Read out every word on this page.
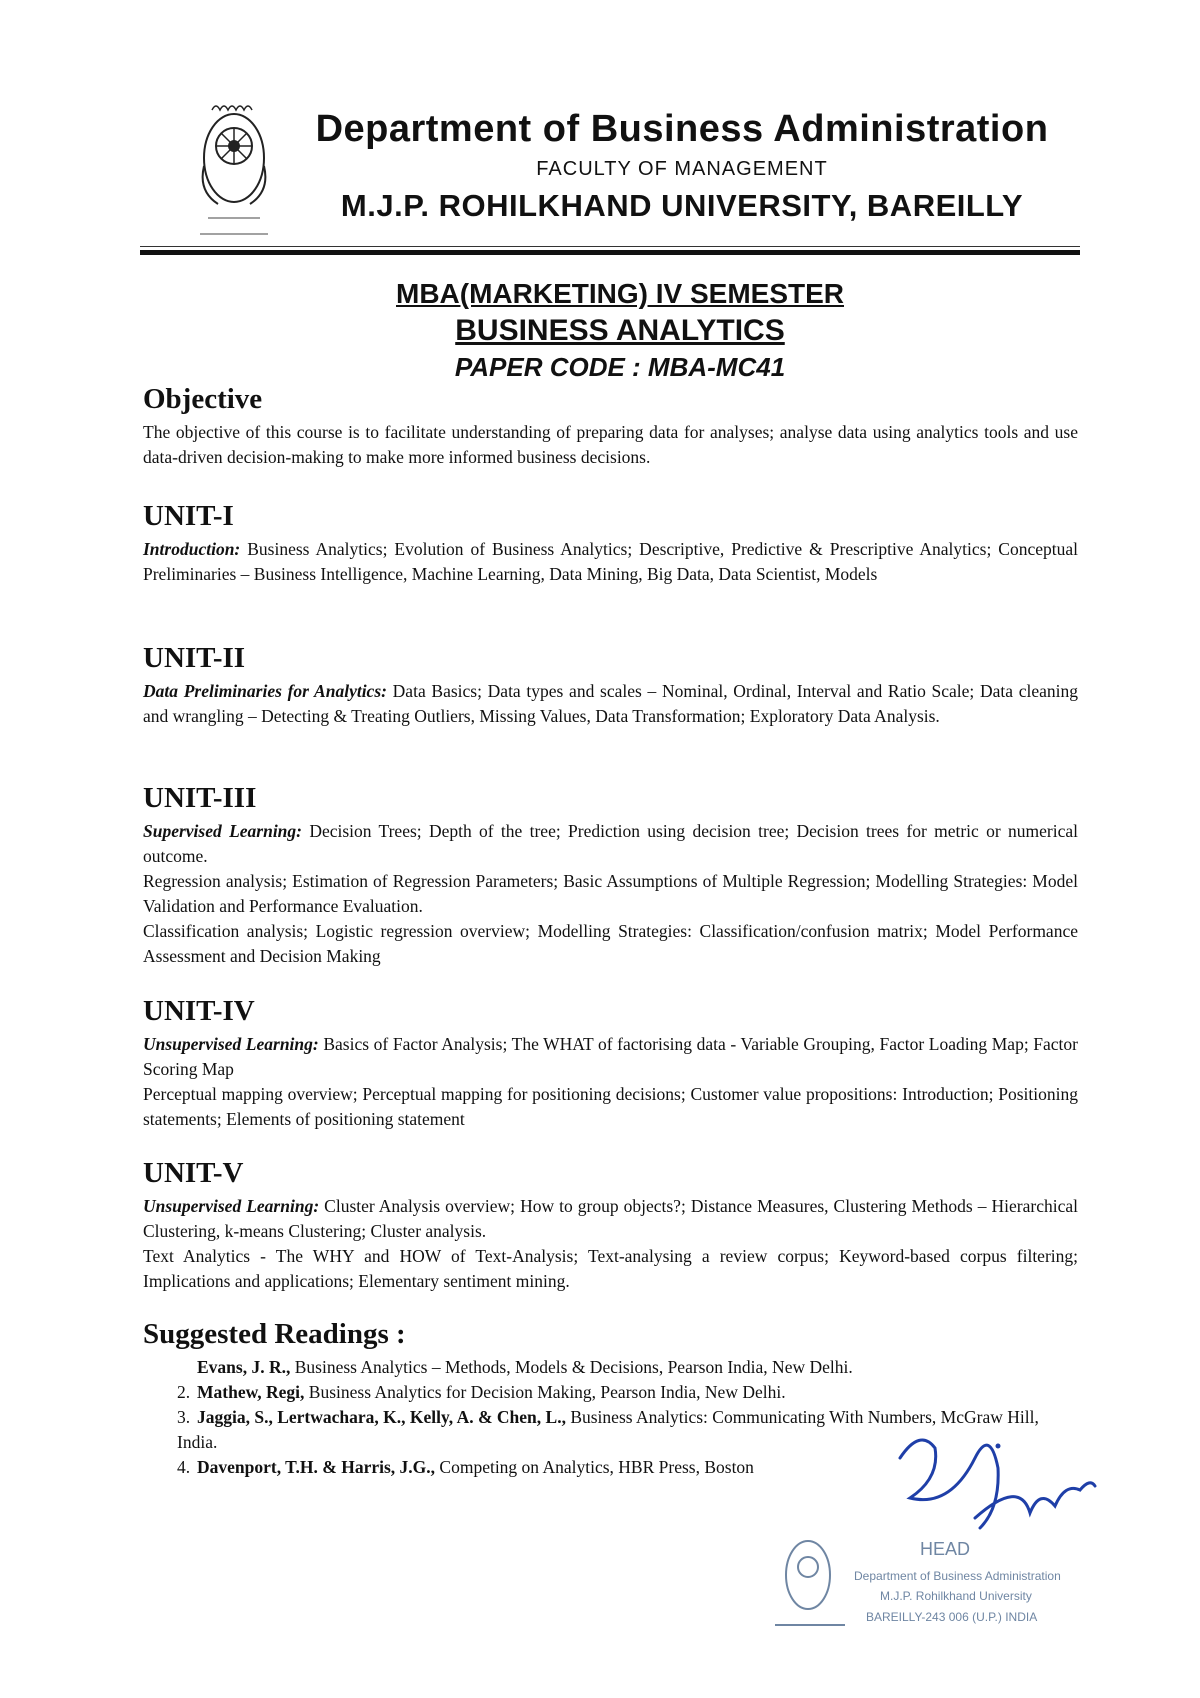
Department of Business Administration
FACULTY OF MANAGEMENT
M.J.P. ROHILKHAND UNIVERSITY, BAREILLY
MBA(MARKETING) IV SEMESTER
BUSINESS ANALYTICS
PAPER CODE : MBA-MC41
Objective

The objective of this course is to facilitate understanding of preparing data for analyses; analyse data using analytics tools and use data-driven decision-making to make more informed business decisions.

UNIT-I

Introduction: Business Analytics; Evolution of Business Analytics; Descriptive, Predictive & Prescriptive Analytics; Conceptual Preliminaries – Business Intelligence, Machine Learning, Data Mining, Big Data, Data Scientist, Models

UNIT-II

Data Preliminaries for Analytics: Data Basics; Data types and scales – Nominal, Ordinal, Interval and Ratio Scale; Data cleaning and wrangling – Detecting & Treating Outliers, Missing Values, Data Transformation; Exploratory Data Analysis.

UNIT-III

Supervised Learning: Decision Trees; Depth of the tree; Prediction using decision tree; Decision trees for metric or numerical outcome.

Regression analysis; Estimation of Regression Parameters; Basic Assumptions of Multiple Regression; Modelling Strategies: Model Validation and Performance Evaluation.

Classification analysis; Logistic regression overview; Modelling Strategies: Classification/confusion matrix; Model Performance Assessment and Decision Making

UNIT-IV

Unsupervised Learning: Basics of Factor Analysis; The WHAT of factorising data - Variable Grouping, Factor Loading Map; Factor Scoring Map

Perceptual mapping overview; Perceptual mapping for positioning decisions; Customer value propositions: Introduction; Positioning statements; Elements of positioning statement

UNIT-V

Unsupervised Learning: Cluster Analysis overview; How to group objects?; Distance Measures, Clustering Methods – Hierarchical Clustering, k-means Clustering; Cluster analysis.

Text Analytics - The WHY and HOW of Text-Analysis; Text-analysing a review corpus; Keyword-based corpus filtering; Implications and applications; Elementary sentiment mining.

Suggested Readings :
Evans, J. R., Business Analytics – Methods, Models & Decisions, Pearson India, New Delhi.
2. Mathew, Regi, Business Analytics for Decision Making, Pearson India, New Delhi.
3. Jaggia, S., Lertwachara, K., Kelly, A. & Chen, L., Business Analytics: Communicating With Numbers, McGraw Hill, India.
4. Davenport, T.H. & Harris, J.G., Competing on Analytics, HBR Press, Boston
HEAD
Department of Business Administration
M.J.P. Rohilkhand University
BAREILLY-243 006 (U.P.) INDIA
